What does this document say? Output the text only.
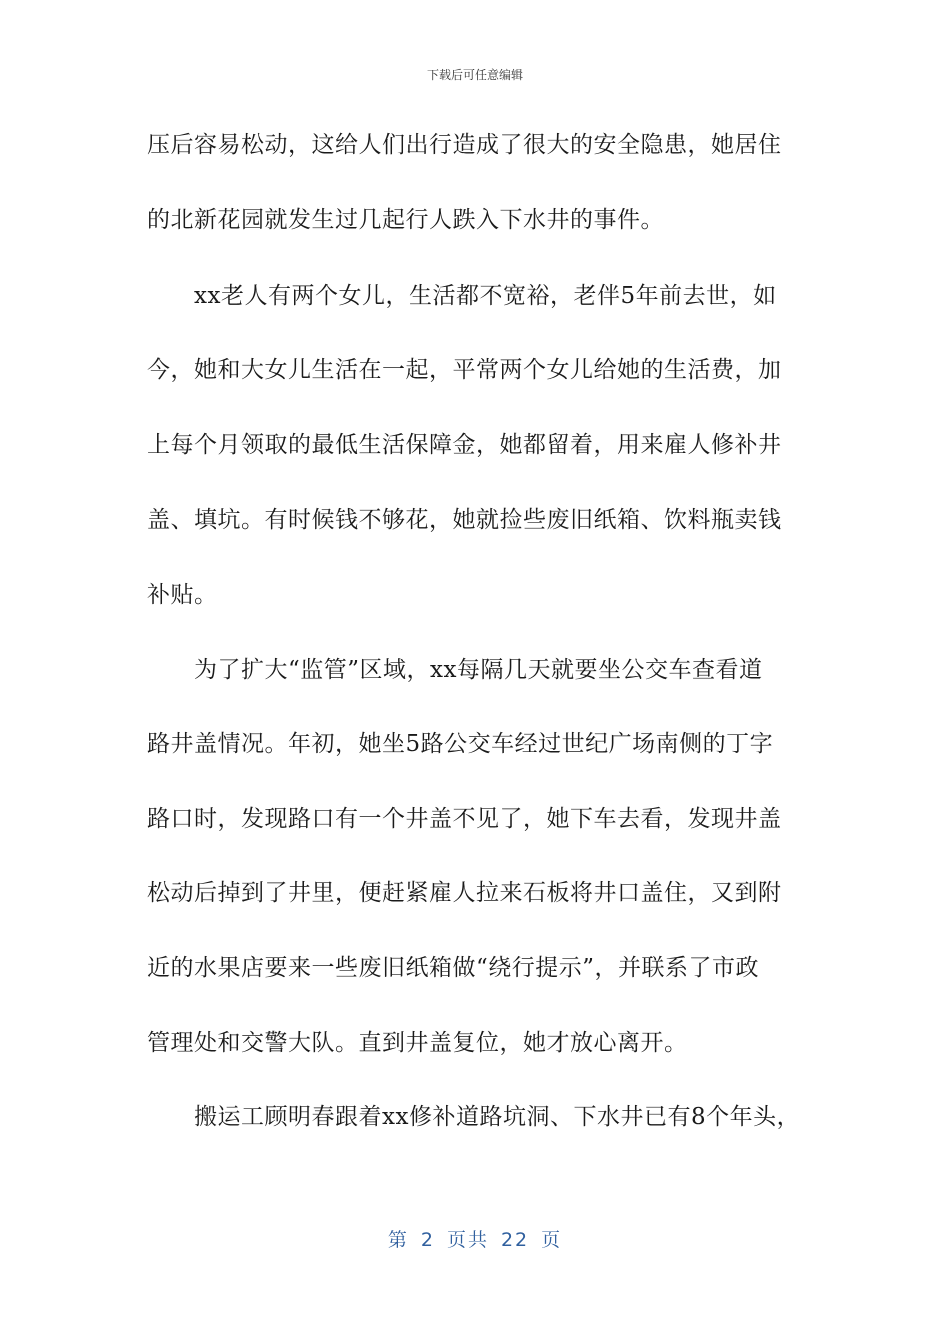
下载后可任意编辑
压后容易松动，这给人们出行造成了很大的安全隐患，她居住
的北新花园就发生过几起行人跌入下水井的事件。
　　xx老人有两个女儿，生活都不宽裕，老伴5年前去世，如
今，她和大女儿生活在一起，平常两个女儿给她的生活费，加
上每个月领取的最低生活保障金，她都留着，用来雇人修补井
盖、填坑。有时候钱不够花，她就捡些废旧纸箱、饮料瓶卖钱
补贴。
　　为了扩大“监管”区域，xx每隔几天就要坐公交车查看道
路井盖情况。年初，她坐5路公交车经过世纪广场南侧的丁字
路口时，发现路口有一个井盖不见了，她下车去看，发现井盖
松动后掉到了井里，便赶紧雇人拉来石板将井口盖住，又到附
近的水果店要来一些废旧纸箱做“绕行提示”，并联系了市政
管理处和交警大队。直到井盖复位，她才放心离开。
　　搬运工顾明春跟着xx修补道路坑洞、下水井已有8个年头，
第 2 页共 22 页
